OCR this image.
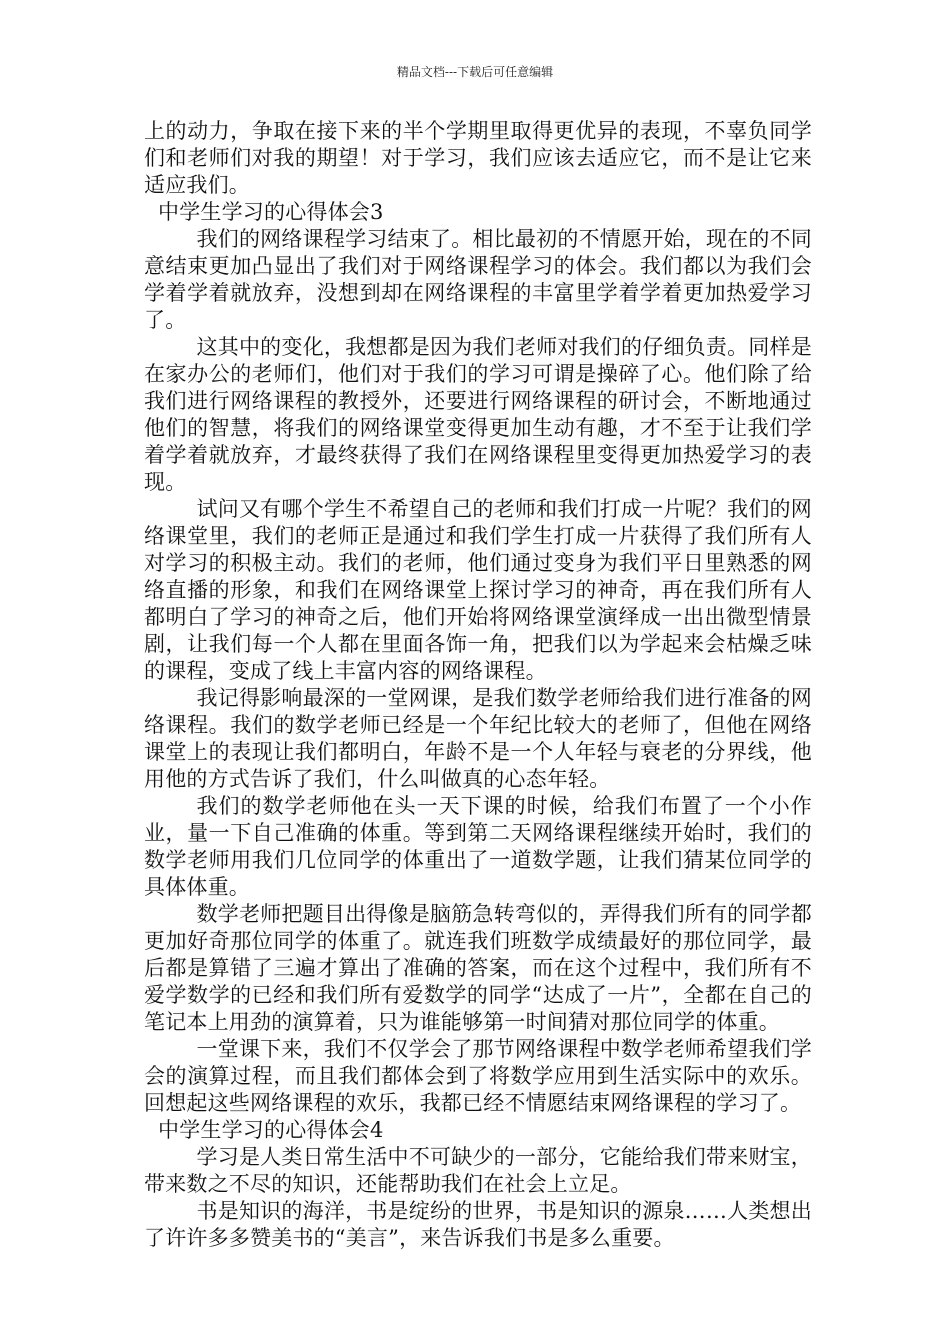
精品文档---下载后可任意编辑

上的动力，争取在接下来的半个学期里取得更优异的表现，不辜负同学们和老师们对我的期望！对于学习，我们应该去适应它，而不是让它来适应我们。

中学生学习的心得体会3

我们的网络课程学习结束了。相比最初的不情愿开始，现在的不同意结束更加凸显出了我们对于网络课程学习的体会。我们都以为我们会学着学着就放弃，没想到却在网络课程的丰富里学着学着更加热爱学习了。

这其中的变化，我想都是因为我们老师对我们的仔细负责。同样是在家办公的老师们，他们对于我们的学习可谓是操碎了心。他们除了给我们进行网络课程的教授外，还要进行网络课程的研讨会，不断地通过他们的智慧，将我们的网络课堂变得更加生动有趣，才不至于让我们学着学着就放弃，才最终获得了我们在网络课程里变得更加热爱学习的表现。

试问又有哪个学生不希望自己的老师和我们打成一片呢？我们的网络课堂里，我们的老师正是通过和我们学生打成一片获得了我们所有人对学习的积极主动。我们的老师，他们通过变身为我们平日里熟悉的网络直播的形象，和我们在网络课堂上探讨学习的神奇，再在我们所有人都明白了学习的神奇之后，他们开始将网络课堂演绎成一出出微型情景剧，让我们每一个人都在里面各饰一角，把我们以为学起来会枯燥乏味的课程，变成了线上丰富内容的网络课程。

我记得影响最深的一堂网课，是我们数学老师给我们进行准备的网络课程。我们的数学老师已经是一个年纪比较大的老师了，但他在网络课堂上的表现让我们都明白，年龄不是一个人年轻与衰老的分界线，他用他的方式告诉了我们，什么叫做真的心态年轻。

我们的数学老师他在头一天下课的时候，给我们布置了一个小作业，量一下自己准确的体重。等到第二天网络课程继续开始时，我们的数学老师用我们几位同学的体重出了一道数学题，让我们猜某位同学的具体体重。

数学老师把题目出得像是脑筋急转弯似的，弄得我们所有的同学都更加好奇那位同学的体重了。就连我们班数学成绩最好的那位同学，最后都是算错了三遍才算出了准确的答案，而在这个过程中，我们所有不爱学数学的已经和我们所有爱数学的同学“达成了一片”，全都在自己的笔记本上用劲的演算着，只为谁能够第一时间猜对那位同学的体重。

一堂课下来，我们不仅学会了那节网络课程中数学老师希望我们学会的演算过程，而且我们都体会到了将数学应用到生活实际中的欢乐。回想起这些网络课程的欢乐，我都已经不情愿结束网络课程的学习了。

中学生学习的心得体会4

学习是人类日常生活中不可缺少的一部分，它能给我们带来财宝，带来数之不尽的知识，还能帮助我们在社会上立足。

书是知识的海洋，书是绽纷的世界，书是知识的源泉……人类想出了许许多多赞美书的“美言”，来告诉我们书是多么重要。
